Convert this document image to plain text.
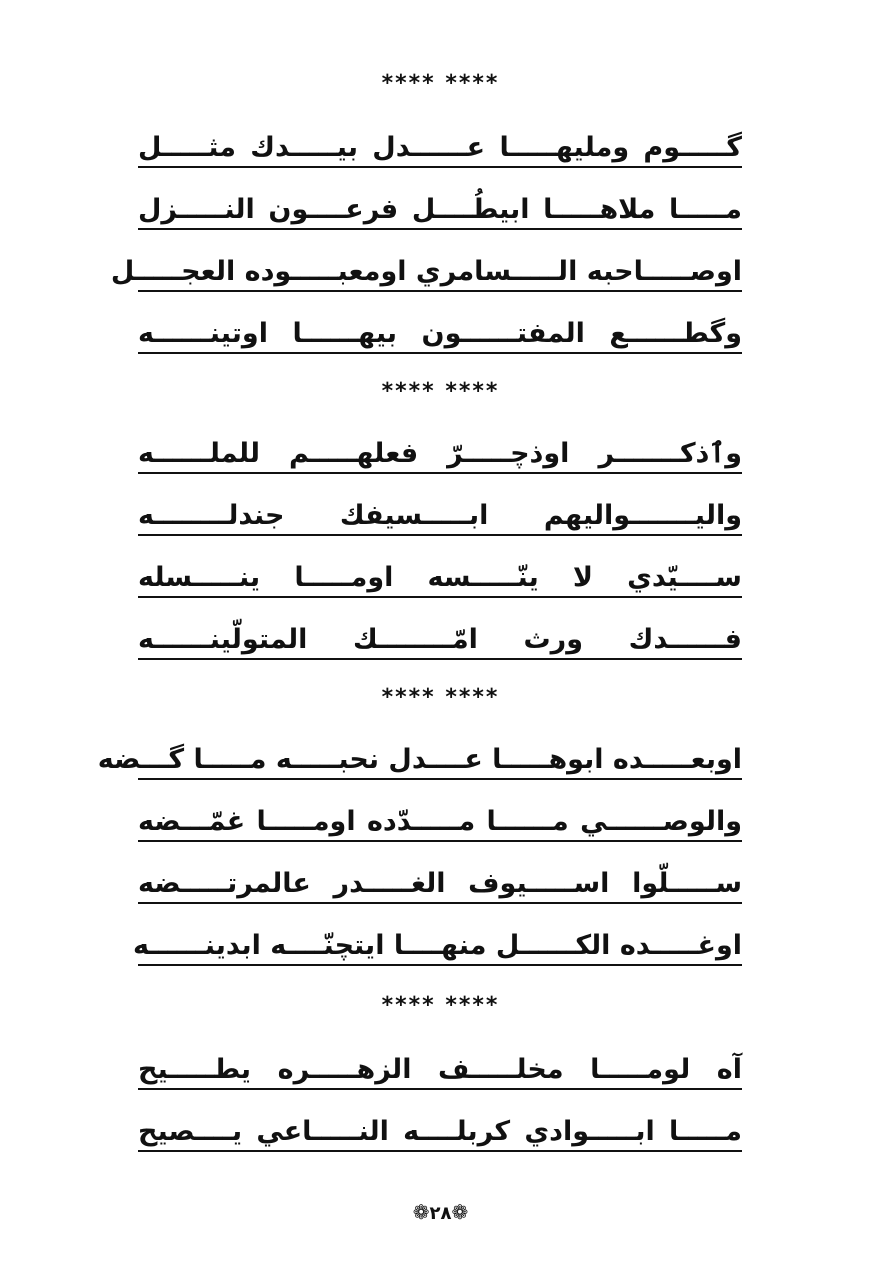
**** ****
گـــــوم ومليهـــــا عــــــدل بيـــــدك مثـــــل
مـــــا ملاهـــــا ابيطُــــل فرعــــون النـــــزل
اوصـــــاحبه الـــــسامري اومعبـــــوده العجـــــل
وگطــــــع المفتــــــون بيهــــــا اوتينــــــه
**** ****
وٱذكـــــــر اوذچـــــرّ فعلهـــــم للملــــــه
واليـــــــواليهم ابـــــسيفك جندلــــــــه
ســــيّدي لا ينّـــــسه اومـــــا ينـــــسله
فــــــدك ورث امّــــــــك المتولّينــــــه
**** ****
اوبعـــــده ابوهـــــا عــــدل نحبـــــه مـــــا گـــضه
والوصــــــي مــــــا مـــــدّده اومـــــا غمّـــضه
ســـــلّوا اســـــيوف الغـــــدر عالمرتـــــضه
اوغـــــده الكــــــل منهــــا ايتچنّــــه ابدينــــــه
**** ****
آه لومـــــا مخلـــــف الزهـــــره يطـــــيح
مـــــا ابـــــوادي كربلــــه النـــــاعي يــــصيح
❁٢٨❁
